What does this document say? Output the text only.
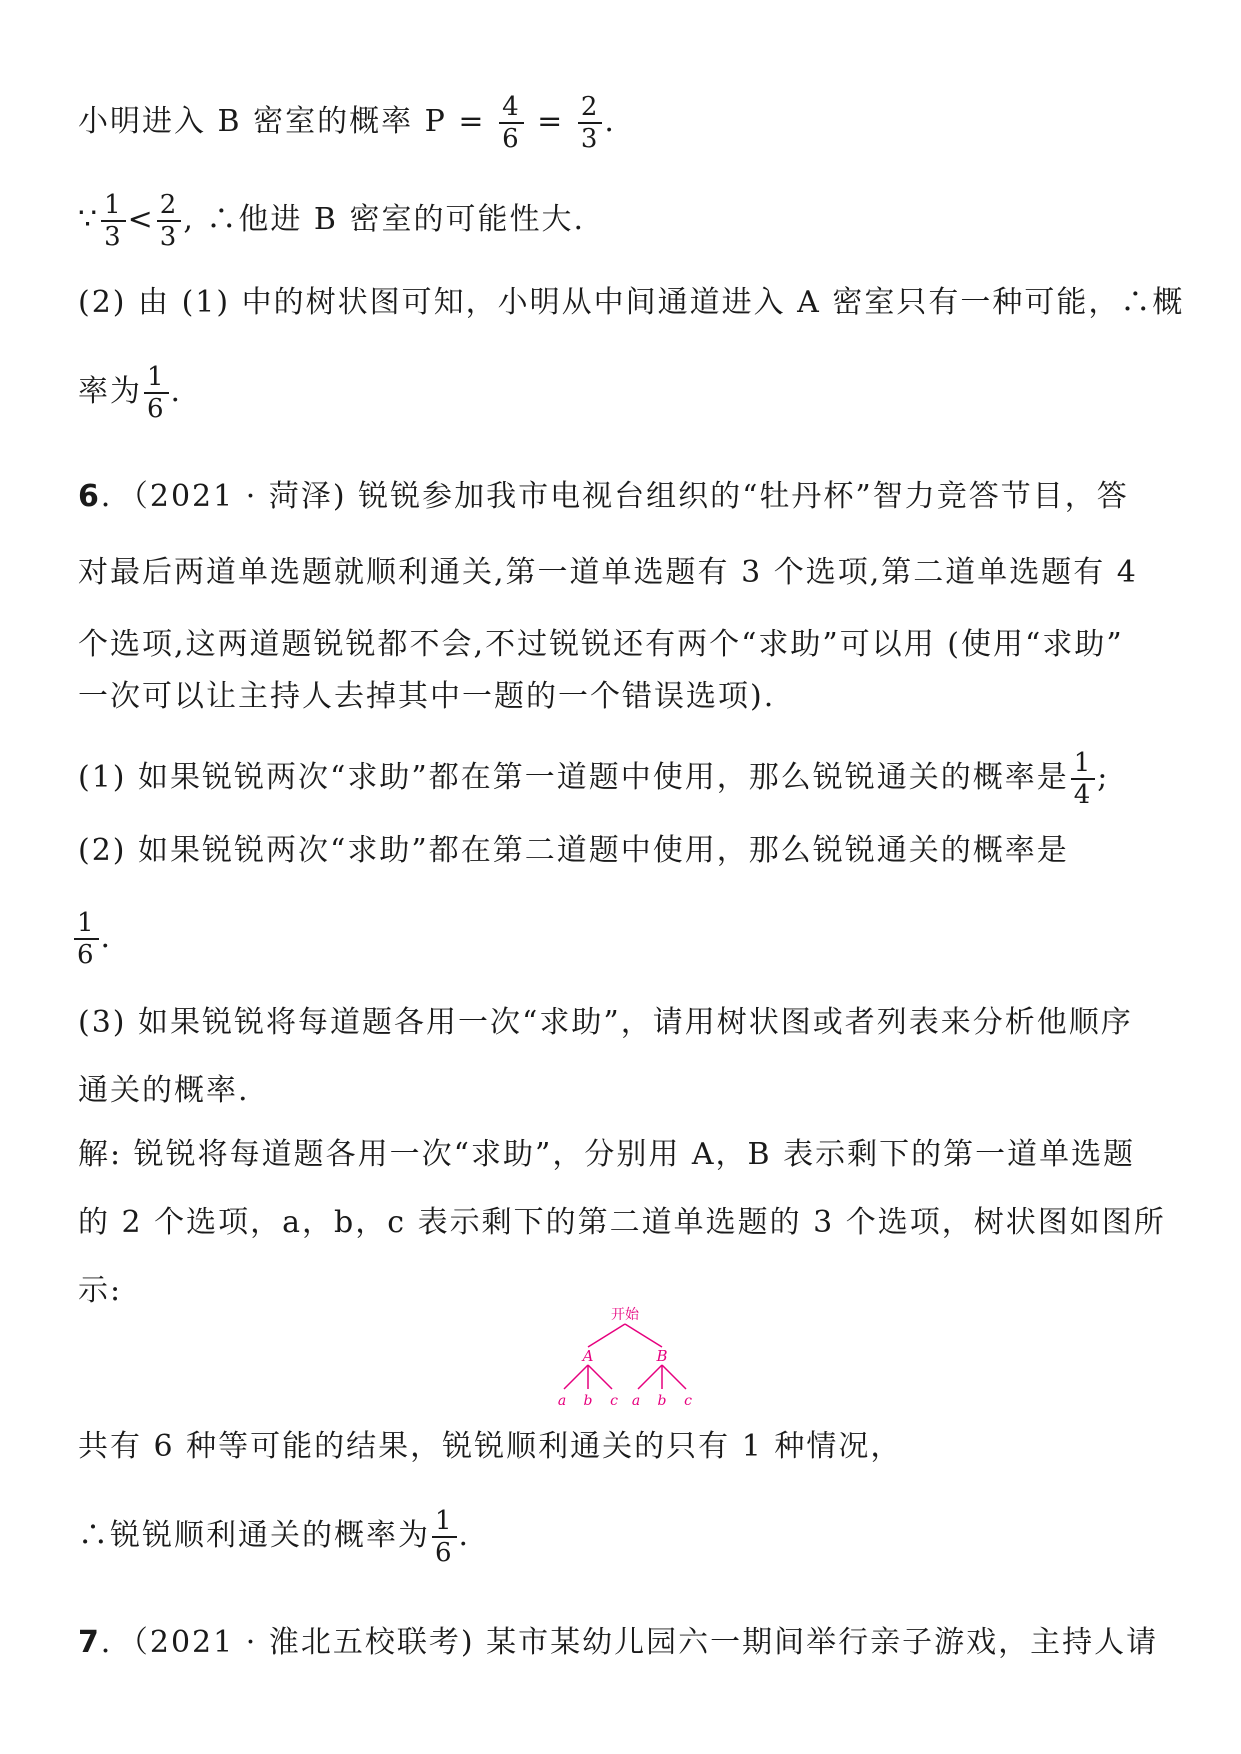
小明进入 B 密室的概率 $P = \frac{4}{6} = \frac{2}{3}$ .
∵ $\frac{1}{3} < \frac{2}{3}$ , ∴他进 B 密室的可能性大.
(2) 由 (1) 中的树状图可知，小明从中间通道进入 A 密室只有一种可能，∴概
率为 $\frac{1}{6}$ .
6．（2021 · 菏泽) 锐锐参加我市电视台组织的“牡丹杯”智力竞答节目，答
对最后两道单选题就顺利通关,第一道单选题有 3 个选项,第二道单选题有 4
个选项,这两道题锐锐都不会,不过锐锐还有两个“求助”可以用 (使用“求助”
一次可以让主持人去掉其中一题的一个错误选项).
(1) 如果锐锐两次“求助”都在第一道题中使用，那么锐锐通关的概率是 $\frac{1}{4}$ ;
(2) 如果锐锐两次“求助”都在第二道题中使用，那么锐锐通关的概率是
$\frac{1}{6}$ .
(3) 如果锐锐将每道题各用一次“求助”，请用树状图或者列表来分析他顺序
通关的概率.
解: 锐锐将每道题各用一次“求助”，分别用 A，B 表示剩下的第一道单选题
的 2 个选项，a，b，c 表示剩下的第二道单选题的 3 个选项，树状图如图所
示:
开始
A	B
a b c a b c
共有 6 种等可能的结果，锐锐顺利通关的只有 1 种情况，
∴锐锐顺利通关的概率为 $\frac{1}{6}$ .
7．（2021 · 淮北五校联考) 某市某幼儿园六一期间举行亲子游戏，主持人请
